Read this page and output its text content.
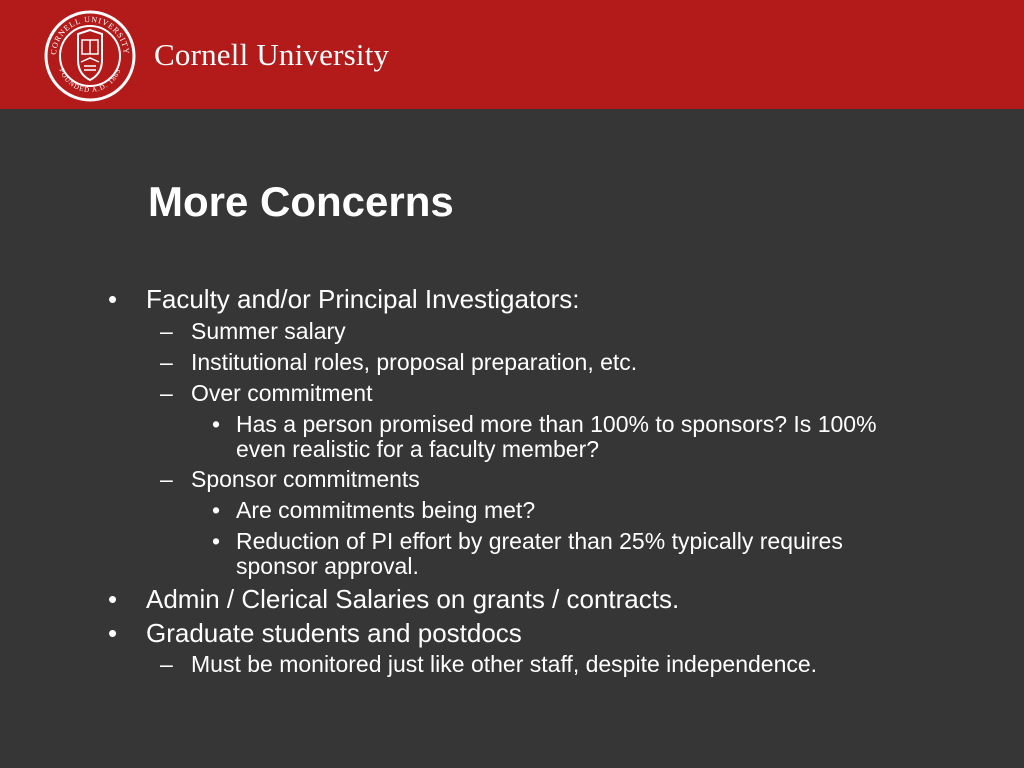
CORNELL UNIVERSITY
FOUNDED A.D. 1865 Cornell University
More Concerns
• Faculty and/or Principal Investigators:
– Summer salary
– Institutional roles, proposal preparation, etc.
– Over commitment
• Has a person promised more than 100% to sponsors? Is 100%
even realistic for a faculty member?
– Sponsor commitments
• Are commitments being met?
• Reduction of PI effort by greater than 25% typically requires
sponsor approval.
• Admin / Clerical Salaries on grants / contracts.
• Graduate students and postdocs
– Must be monitored just like other staff, despite independence.
